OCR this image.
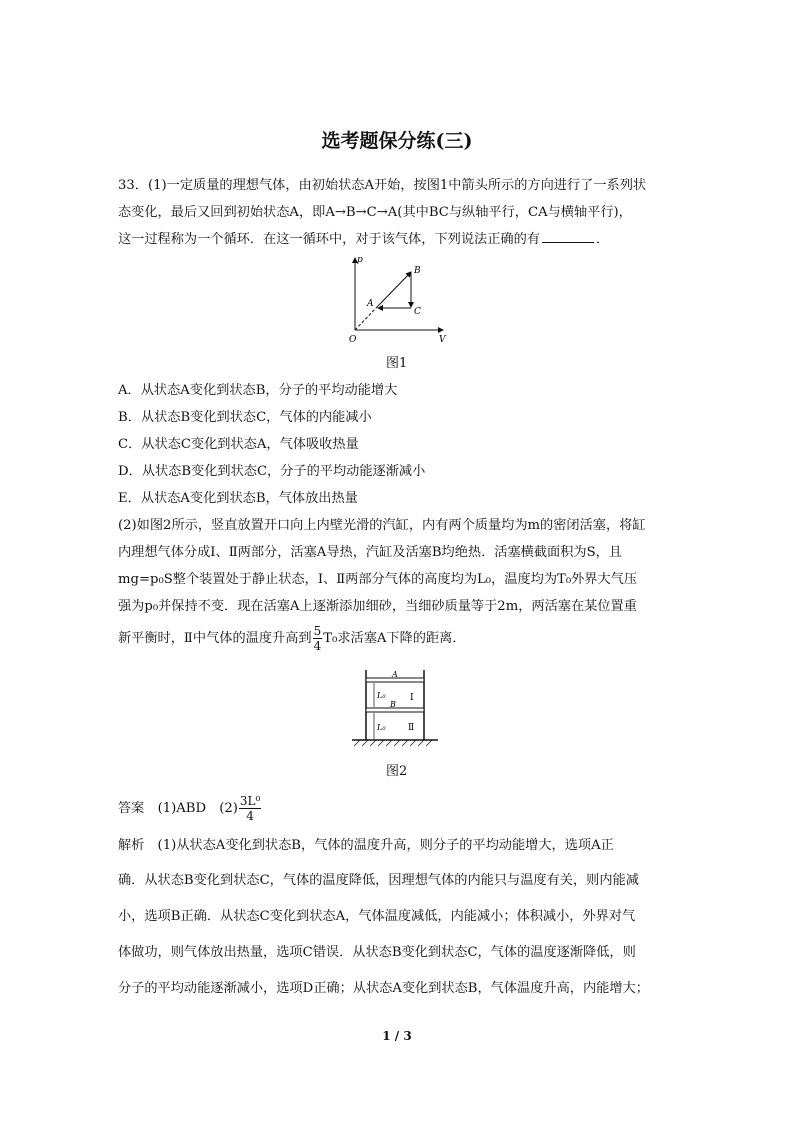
选考题保分练(三)
33．(1)一定质量的理想气体，由初始状态A开始，按图1中箭头所示的方向进行了一系列状
态变化，最后又回到初始状态A，即A→B→C→A(其中BC与纵轴平行，CA与横轴平行)，
这一过程称为一个循环．在这一循环中，对于该气体，下列说法正确的有	．
p
V
O
A
B
C
图1
A．从状态A变化到状态B，分子的平均动能增大
B．从状态B变化到状态C，气体的内能减小
C．从状态C变化到状态A，气体吸收热量
D．从状态B变化到状态C，分子的平均动能逐渐减小
E．从状态A变化到状态B，气体放出热量
(2)如图2所示，竖直放置开口向上内壁光滑的汽缸，内有两个质量均为m的密闭活塞，将缸
内理想气体分成Ⅰ、Ⅱ两部分，活塞A导热，汽缸及活塞B均绝热．活塞横截面积为S，且
mg=p₀S整个装置处于静止状态，Ⅰ、Ⅱ两部分气体的高度均为L₀，温度均为T₀外界大气压
强为p₀并保持不变．现在活塞A上逐渐添加细砂，当细砂质量等于2m，两活塞在某位置重
新平衡时，Ⅱ中气体的温度升高到 $\frac{5}{4} T_0$求活塞A下降的距离．
A
B
L₀
L₀
Ⅰ
Ⅱ
图2
答案　 (1)ABD　 $(2) \frac{\text{3L⁰}}{4}$
解析　(1)从状态A变化到状态B，气体的温度升高，则分子的平均动能增大，选项A正
确．从状态B变化到状态C，气体的温度降低，因理想气体的内能只与温度有关，则内能减
小，选项B正确．从状态C变化到状态A，气体温度减低，内能减小；体积减小，外界对气
体做功，则气体放出热量，选项C错误．从状态B变化到状态C，气体的温度逐渐降低，则
分子的平均动能逐渐减小，选项D正确；从状态A变化到状态B，气体温度升高，内能增大；
1 / 3
